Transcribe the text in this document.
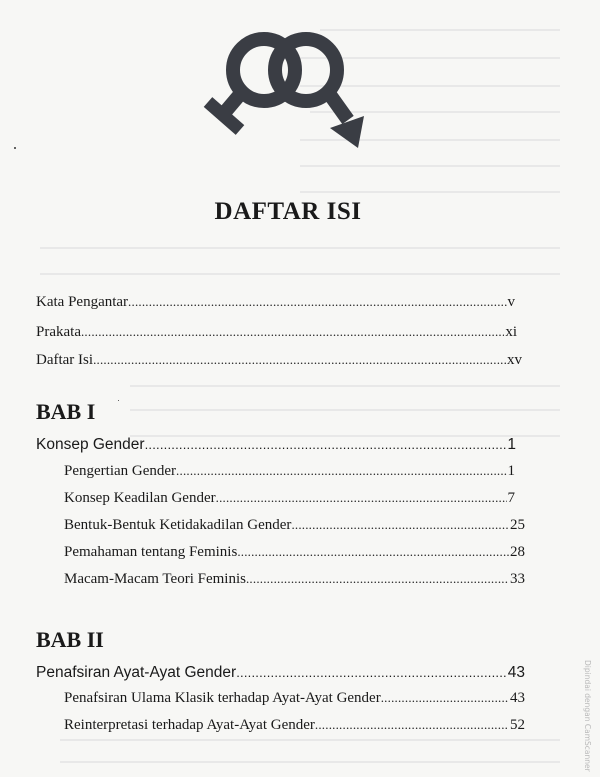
DAFTAR ISI
Kata Pengantar .....	v
Prakata .....	xi
Daftar Isi .....	xv
BAB I
Konsep Gender .....	1
Pengertian Gender .....	1
Konsep Keadilan Gender .....	7
Bentuk-Bentuk Ketidakadilan Gender .....	25
Pemahaman tentang Feminis .....	28
Macam-Macam Teori Feminis .....	33
BAB II
Penafsiran Ayat-Ayat Gender .....	43
Penafsiran Ulama Klasik terhadap Ayat-Ayat Gender .....	43
Reinterpretasi terhadap Ayat-Ayat Gender .....	52	Dipindai dengan CamScanner
